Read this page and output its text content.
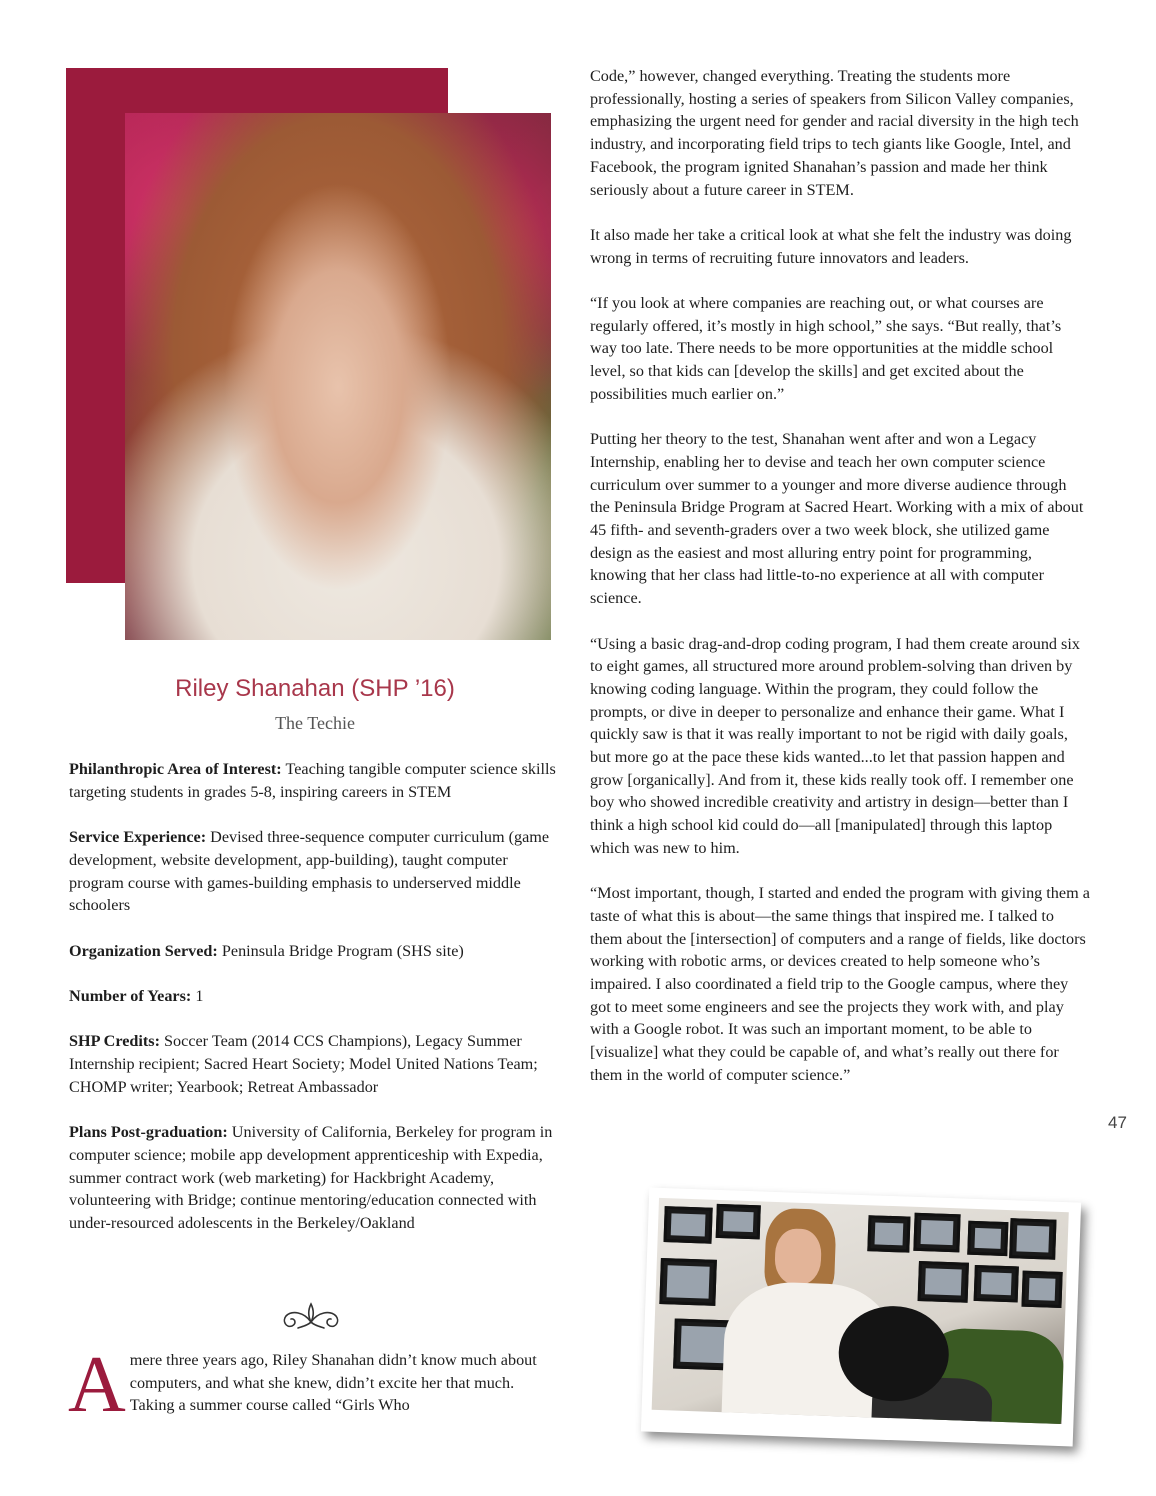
Riley Shanahan (SHP ’16)
The Techie

Philanthropic Area of Interest: Teaching tangible computer science skills targeting students in grades 5-8, inspiring careers in STEM

Service Experience: Devised three-sequence computer curriculum (game development, website development, app-building), taught computer program course with games-building emphasis to underserved middle schoolers

Organization Served: Peninsula Bridge Program (SHS site)

Number of Years: 1

SHP Credits: Soccer Team (2014 CCS Champions), Legacy Summer Internship recipient; Sacred Heart Society; Model United Nations Team; CHOMP writer; Yearbook; Retreat Ambassador

Plans Post-graduation: University of California, Berkeley for program in computer science; mobile app development apprenticeship with Expedia, summer contract work (web marketing) for Hackbright Academy, volunteering with Bridge; continue mentoring/education connected with under-resourced adolescents in the Berkeley/Oakland

A mere three years ago, Riley Shanahan didn’t know much about computers, and what she knew, didn’t excite her that much. Taking a summer course called “Girls Who

Code,” however, changed everything. Treating the students more professionally, hosting a series of speakers from Silicon Valley companies, emphasizing the urgent need for gender and racial diversity in the high tech industry, and incorporating field trips to tech giants like Google, Intel, and Facebook, the program ignited Shanahan’s passion and made her think seriously about a future career in STEM.

It also made her take a critical look at what she felt the industry was doing wrong in terms of recruiting future innovators and leaders.

“If you look at where companies are reaching out, or what courses are regularly offered, it’s mostly in high school,” she says. “But really, that’s way too late. There needs to be more opportunities at the middle school level, so that kids can [develop the skills] and get excited about the possibilities much earlier on.”

Putting her theory to the test, Shanahan went after and won a Legacy Internship, enabling her to devise and teach her own computer science curriculum over summer to a younger and more diverse audience through the Peninsula Bridge Program at Sacred Heart. Working with a mix of about 45 fifth- and seventh-graders over a two week block, she utilized game design as the easiest and most alluring entry point for programming, knowing that her class had little-to-no experience at all with computer science.

“Using a basic drag-and-drop coding program, I had them create around six to eight games, all structured more around problem-solving than driven by knowing coding language. Within the program, they could follow the prompts, or dive in deeper to personalize and enhance their game. What I quickly saw is that it was really important to not be rigid with daily goals, but more go at the pace these kids wanted...to let that passion happen and grow [organically]. And from it, these kids really took off. I remember one boy who showed incredible creativity and artistry in design—better than I think a high school kid could do—all [manipulated] through this laptop which was new to him.

“Most important, though, I started and ended the program with giving them a taste of what this is about—the same things that inspired me. I talked to them about the [intersection] of computers and a range of fields, like doctors working with robotic arms, or devices created to help someone who’s impaired. I also coordinated a field trip to the Google campus, where they got to meet some engineers and see the projects they work with, and play with a Google robot. It was such an important moment, to be able to [visualize] what they could be capable of, and what’s really out there for them in the world of computer science.”

47
